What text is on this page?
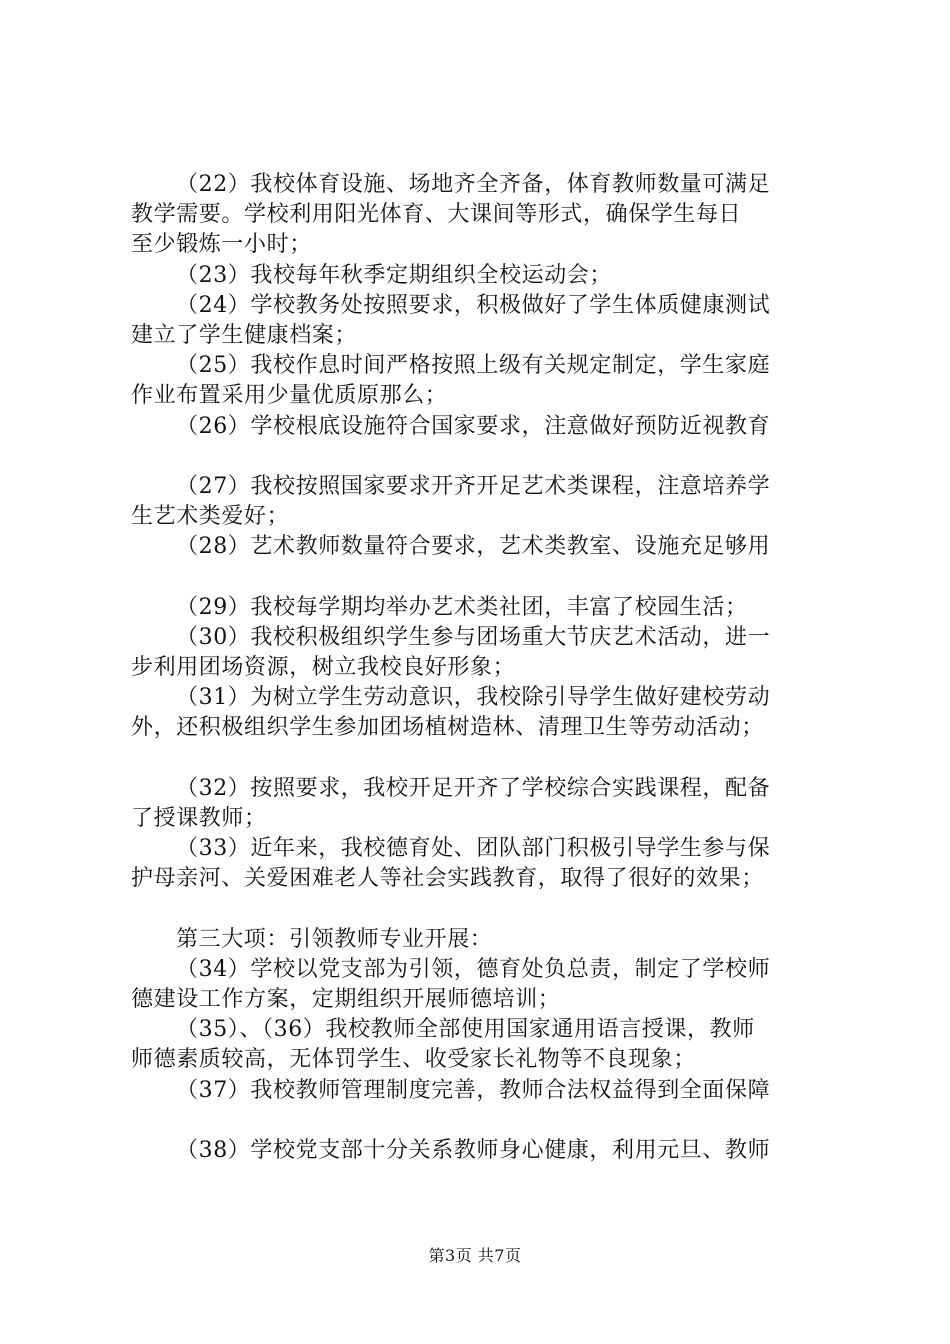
（22）我校体育设施、场地齐全齐备，体育教师数量可满足
教学需要。学校利用阳光体育、大课间等形式，确保学生每日
至少锻炼一小时；
（23）我校每年秋季定期组织全校运动会；
（24）学校教务处按照要求，积极做好了学生体质健康测试
建立了学生健康档案；
（25）我校作息时间严格按照上级有关规定制定，学生家庭
作业布置采用少量优质原那么；
（26）学校根底设施符合国家要求，注意做好预防近视教育
（27）我校按照国家要求开齐开足艺术类课程，注意培养学
生艺术类爱好；
（28）艺术教师数量符合要求，艺术类教室、设施充足够用
（29）我校每学期均举办艺术类社团，丰富了校园生活；
（30）我校积极组织学生参与团场重大节庆艺术活动，进一
步利用团场资源，树立我校良好形象；
（31）为树立学生劳动意识，我校除引导学生做好建校劳动
外，还积极组织学生参加团场植树造林、清理卫生等劳动活动；
（32）按照要求，我校开足开齐了学校综合实践课程，配备
了授课教师；
（33）近年来，我校德育处、团队部门积极引导学生参与保
护母亲河、关爱困难老人等社会实践教育，取得了很好的效果；
第三大项：引领教师专业开展：
（34）学校以党支部为引领，德育处负总责，制定了学校师
德建设工作方案，定期组织开展师德培训；
（35）、（36）我校教师全部使用国家通用语言授课，教师
师德素质较高，无体罚学生、收受家长礼物等不良现象；
（37）我校教师管理制度完善，教师合法权益得到全面保障
（38）学校党支部十分关系教师身心健康，利用元旦、教师
第3页 共7页
